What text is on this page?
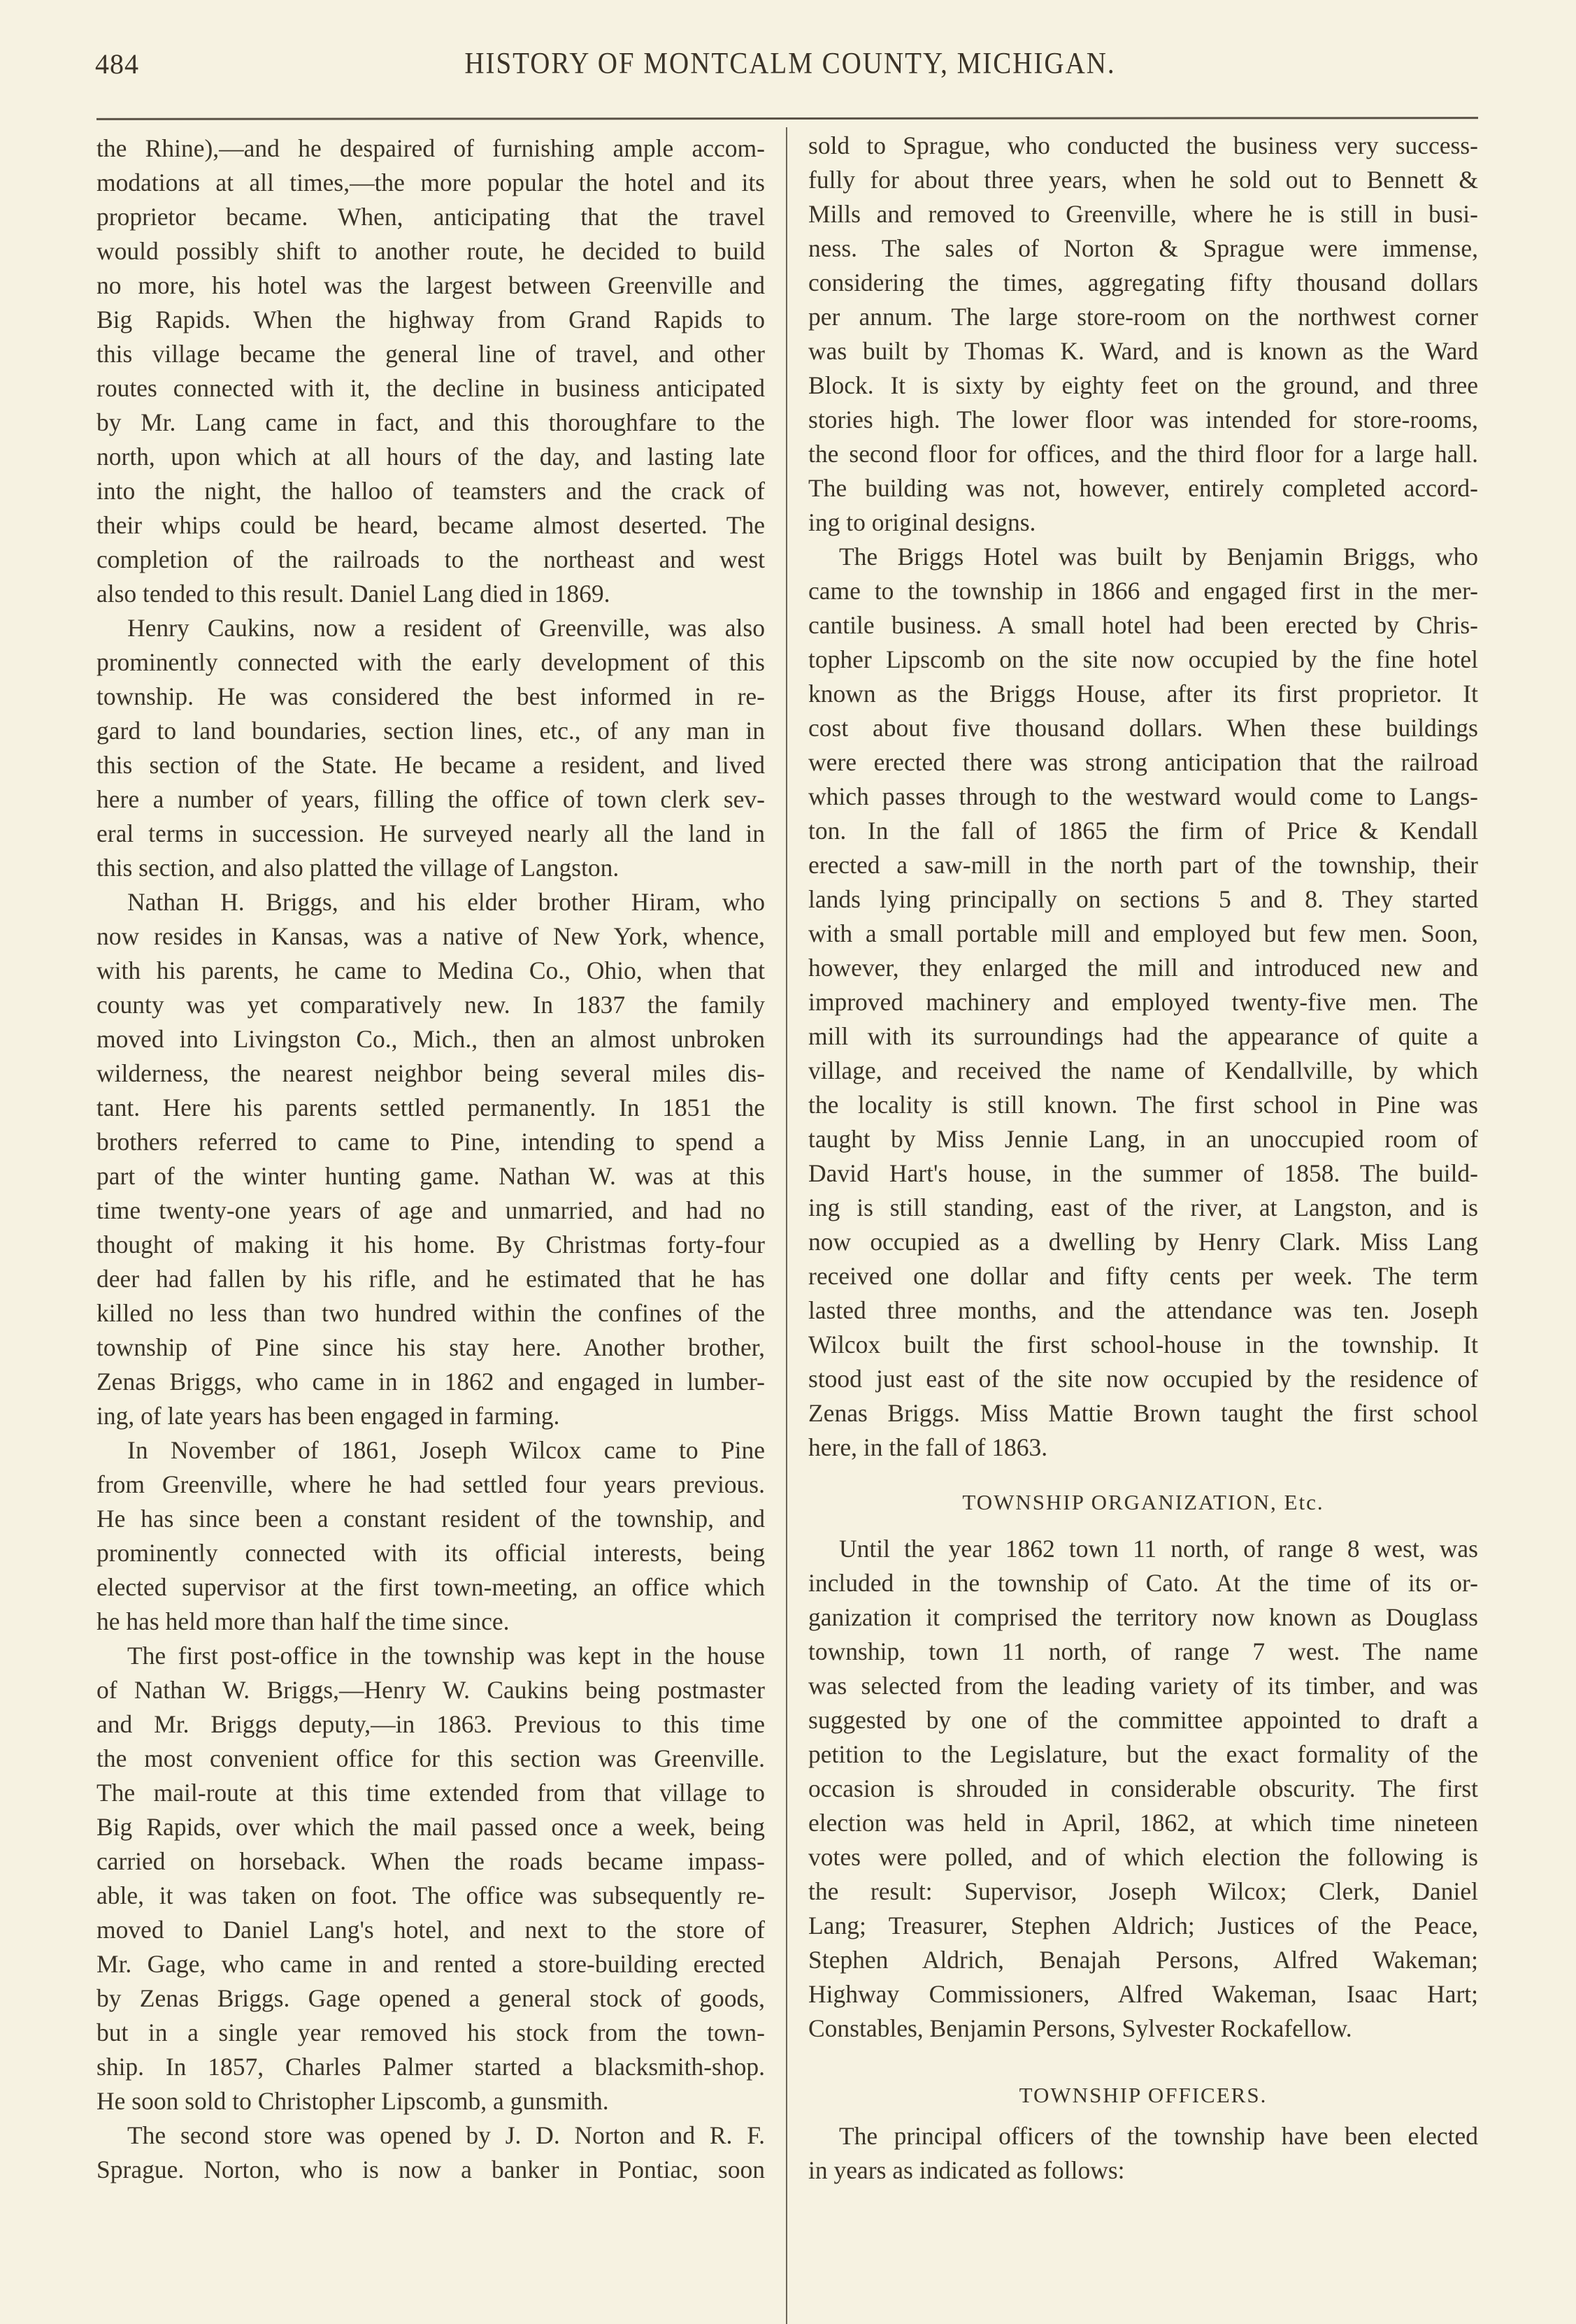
484	HISTORY OF MONTCALM COUNTY, MICHIGAN.
the Rhine),—and he despaired of furnishing ample accom-
modations at all times,—the more popular the hotel and its
proprietor became. When, anticipating that the travel
would possibly shift to another route, he decided to build
no more, his hotel was the largest between Greenville and
Big Rapids. When the highway from Grand Rapids to
this village became the general line of travel, and other
routes connected with it, the decline in business anticipated
by Mr. Lang came in fact, and this thoroughfare to the
north, upon which at all hours of the day, and lasting late
into the night, the halloo of teamsters and the crack of
their whips could be heard, became almost deserted. The
completion of the railroads to the northeast and west
also tended to this result. Daniel Lang died in 1869.
Henry Caukins, now a resident of Greenville, was also
prominently connected with the early development of this
township. He was considered the best informed in re-
gard to land boundaries, section lines, etc., of any man in
this section of the State. He became a resident, and lived
here a number of years, filling the office of town clerk sev-
eral terms in succession. He surveyed nearly all the land in
this section, and also platted the village of Langston.
Nathan H. Briggs, and his elder brother Hiram, who
now resides in Kansas, was a native of New York, whence,
with his parents, he came to Medina Co., Ohio, when that
county was yet comparatively new. In 1837 the family
moved into Livingston Co., Mich., then an almost unbroken
wilderness, the nearest neighbor being several miles dis-
tant. Here his parents settled permanently. In 1851 the
brothers referred to came to Pine, intending to spend a
part of the winter hunting game. Nathan W. was at this
time twenty-one years of age and unmarried, and had no
thought of making it his home. By Christmas forty-four
deer had fallen by his rifle, and he estimated that he has
killed no less than two hundred within the confines of the
township of Pine since his stay here. Another brother,
Zenas Briggs, who came in in 1862 and engaged in lumber-
ing, of late years has been engaged in farming.
In November of 1861, Joseph Wilcox came to Pine
from Greenville, where he had settled four years previous.
He has since been a constant resident of the township, and
prominently connected with its official interests, being
elected supervisor at the first town-meeting, an office which
he has held more than half the time since.
The first post-office in the township was kept in the house
of Nathan W. Briggs,—Henry W. Caukins being postmaster
and Mr. Briggs deputy,—in 1863. Previous to this time
the most convenient office for this section was Greenville.
The mail-route at this time extended from that village to
Big Rapids, over which the mail passed once a week, being
carried on horseback. When the roads became impass-
able, it was taken on foot. The office was subsequently re-
moved to Daniel Lang's hotel, and next to the store of
Mr. Gage, who came in and rented a store-building erected
by Zenas Briggs. Gage opened a general stock of goods,
but in a single year removed his stock from the town-
ship. In 1857, Charles Palmer started a blacksmith-shop.
He soon sold to Christopher Lipscomb, a gunsmith.
The second store was opened by J. D. Norton and R. F.
Sprague. Norton, who is now a banker in Pontiac, soon
sold to Sprague, who conducted the business very success-
fully for about three years, when he sold out to Bennett &
Mills and removed to Greenville, where he is still in busi-
ness. The sales of Norton & Sprague were immense,
considering the times, aggregating fifty thousand dollars
per annum. The large store-room on the northwest corner
was built by Thomas K. Ward, and is known as the Ward
Block. It is sixty by eighty feet on the ground, and three
stories high. The lower floor was intended for store-rooms,
the second floor for offices, and the third floor for a large hall.
The building was not, however, entirely completed accord-
ing to original designs.
The Briggs Hotel was built by Benjamin Briggs, who
came to the township in 1866 and engaged first in the mer-
cantile business. A small hotel had been erected by Chris-
topher Lipscomb on the site now occupied by the fine hotel
known as the Briggs House, after its first proprietor. It
cost about five thousand dollars. When these buildings
were erected there was strong anticipation that the railroad
which passes through to the westward would come to Langs-
ton. In the fall of 1865 the firm of Price & Kendall
erected a saw-mill in the north part of the township, their
lands lying principally on sections 5 and 8. They started
with a small portable mill and employed but few men. Soon,
however, they enlarged the mill and introduced new and
improved machinery and employed twenty-five men. The
mill with its surroundings had the appearance of quite a
village, and received the name of Kendallville, by which
the locality is still known. The first school in Pine was
taught by Miss Jennie Lang, in an unoccupied room of
David Hart's house, in the summer of 1858. The build-
ing is still standing, east of the river, at Langston, and is
now occupied as a dwelling by Henry Clark. Miss Lang
received one dollar and fifty cents per week. The term
lasted three months, and the attendance was ten. Joseph
Wilcox built the first school-house in the township. It
stood just east of the site now occupied by the residence of
Zenas Briggs. Miss Mattie Brown taught the first school
here, in the fall of 1863.
TOWNSHIP ORGANIZATION, Etc.
Until the year 1862 town 11 north, of range 8 west, was
included in the township of Cato. At the time of its or-
ganization it comprised the territory now known as Douglass
township, town 11 north, of range 7 west. The name
was selected from the leading variety of its timber, and was
suggested by one of the committee appointed to draft a
petition to the Legislature, but the exact formality of the
occasion is shrouded in considerable obscurity. The first
election was held in April, 1862, at which time nineteen
votes were polled, and of which election the following is
the result: Supervisor, Joseph Wilcox; Clerk, Daniel
Lang; Treasurer, Stephen Aldrich; Justices of the Peace,
Stephen Aldrich, Benajah Persons, Alfred Wakeman;
Highway Commissioners, Alfred Wakeman, Isaac Hart;
Constables, Benjamin Persons, Sylvester Rockafellow.
TOWNSHIP OFFICERS.
The principal officers of the township have been elected
in years as indicated as follows:
